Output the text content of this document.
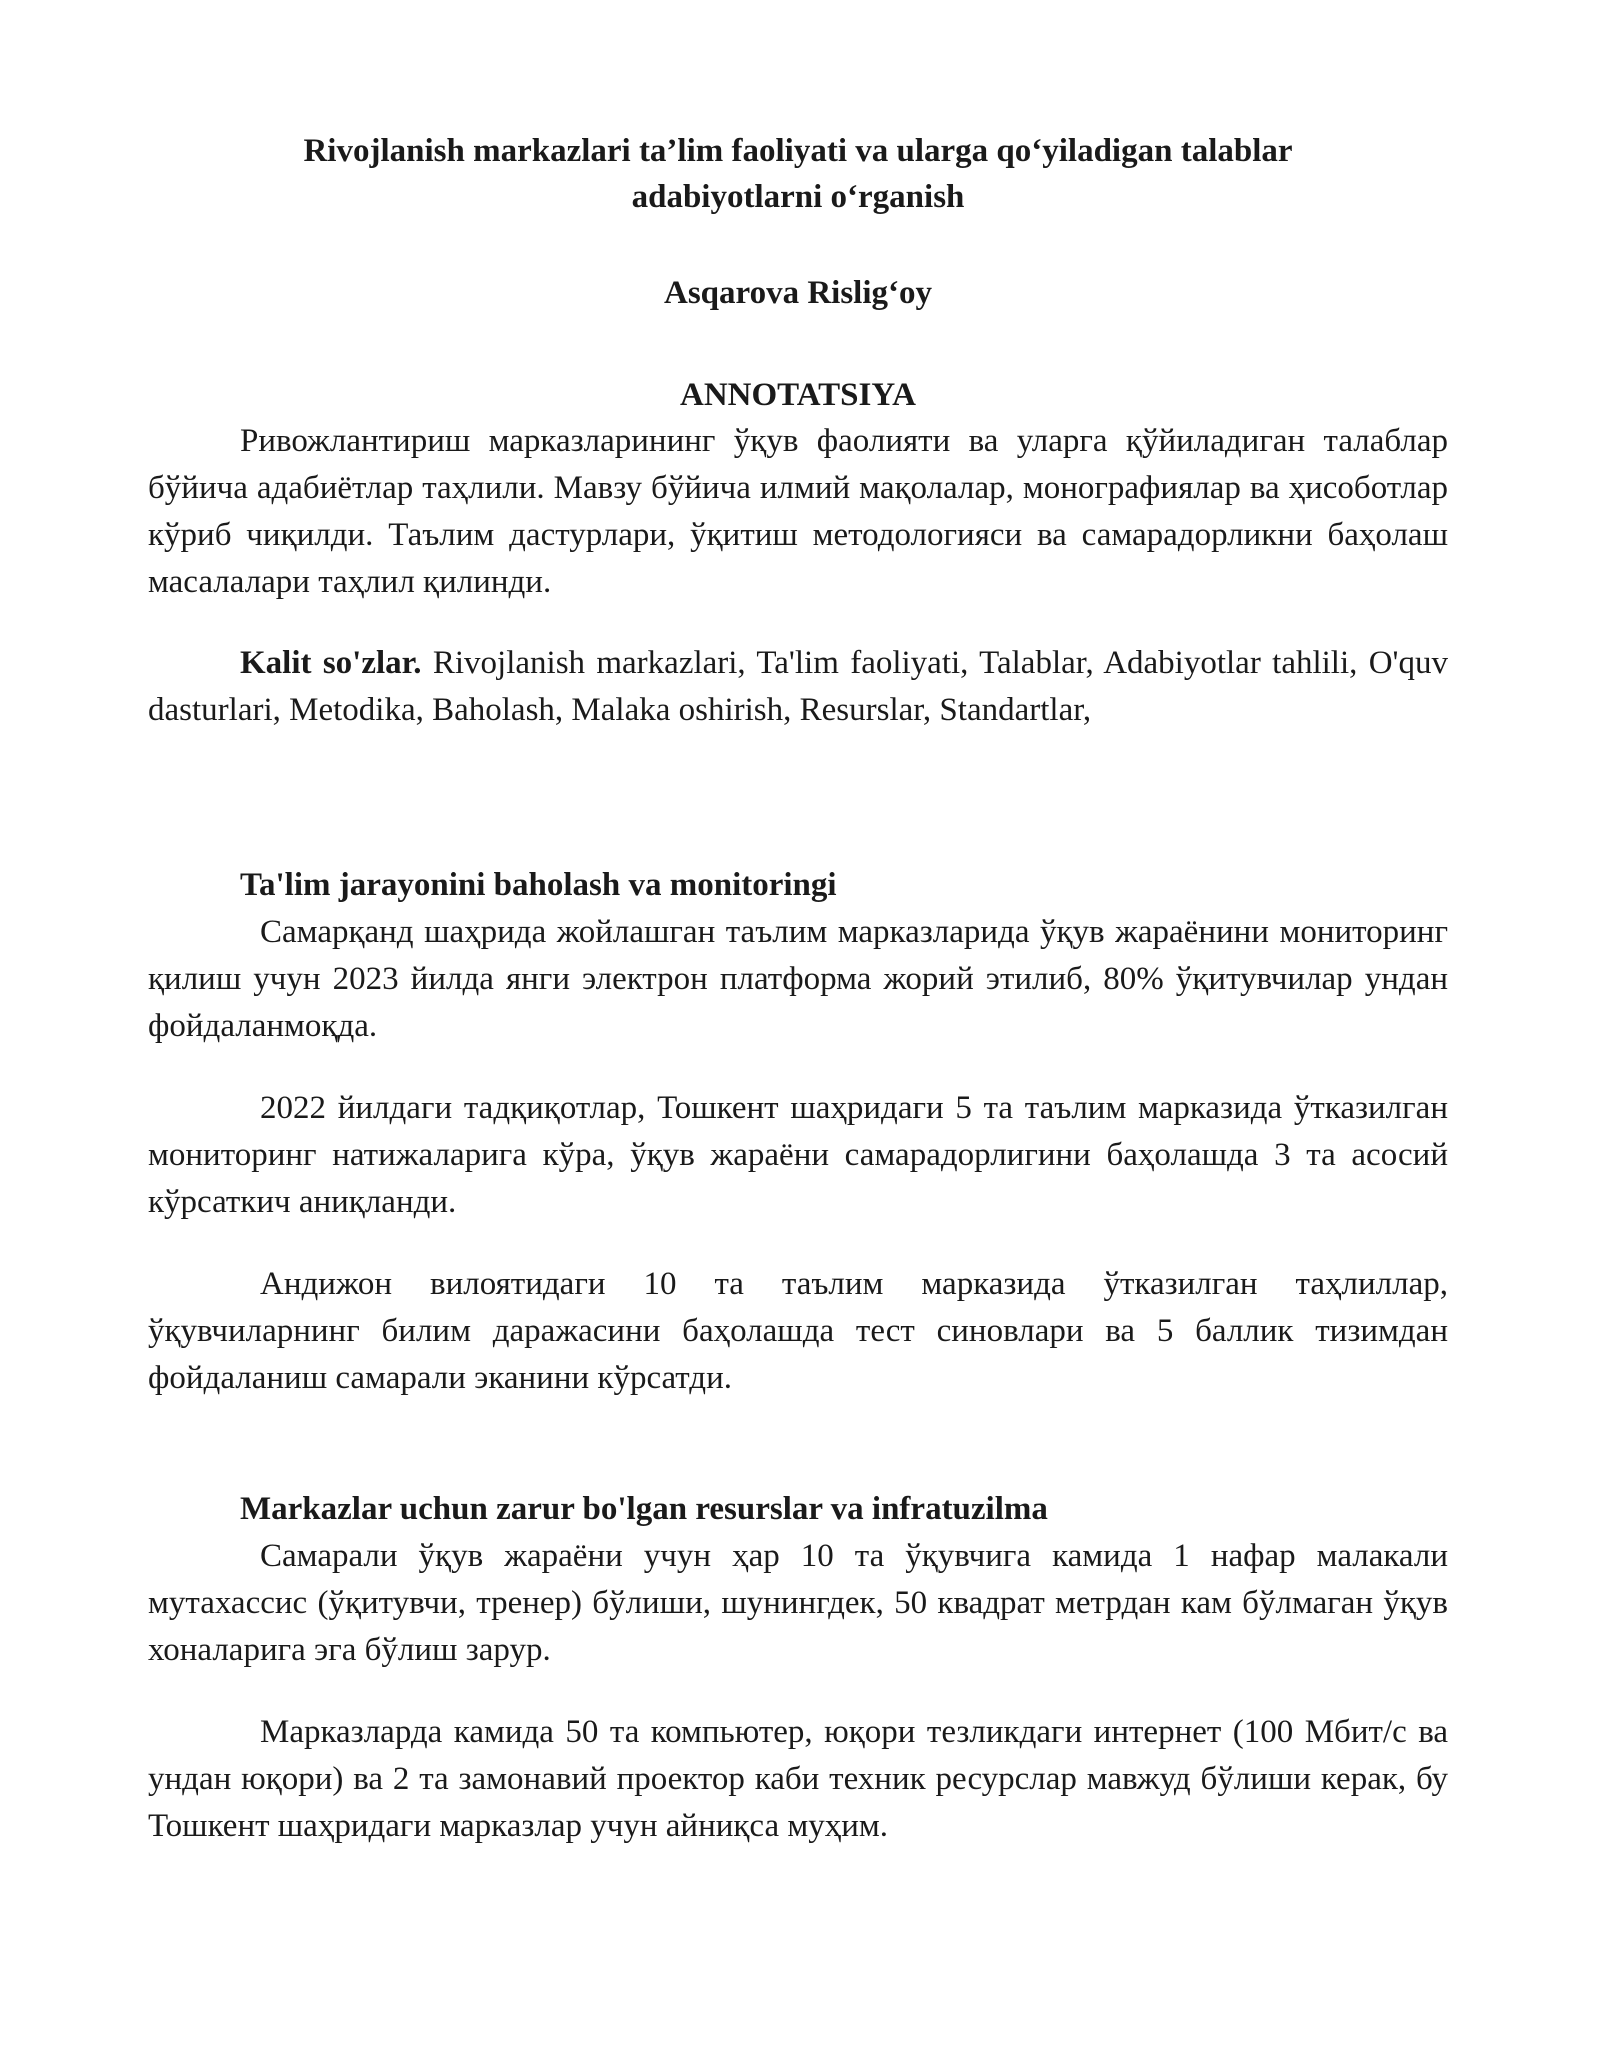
Rivojlanish markazlari ta’lim faoliyati va ularga qo‘yiladigan talablar
adabiyotlarni o‘rganish

Asqarova Rislig‘oy

ANNOTATSIYA

Ривожлантириш марказларининг ўқув фаолияти ва уларга қўйиладиган талаблар бўйича адабиётлар таҳлили. Мавзу бўйича илмий мақолалар, монографиялар ва ҳисоботлар кўриб чиқилди. Таълим дастурлари, ўқитиш методологияси ва самарадорликни баҳолаш масалалари таҳлил қилинди.

Kalit so'zlar. Rivojlanish markazlari, Ta'lim faoliyati, Talablar, Adabiyotlar tahlili, O'quv dasturlari, Metodika, Baholash, Malaka oshirish, Resurslar, Standartlar,

Ta'lim jarayonini baholash va monitoringi

Самарқанд шаҳрида жойлашган таълим марказларида ўқув жараёнини мониторинг қилиш учун 2023 йилда янги электрон платформа жорий этилиб, 80% ўқитувчилар ундан фойдаланмоқда.

2022 йилдаги тадқиқотлар, Тошкент шаҳридаги 5 та таълим марказида ўтказилган мониторинг натижаларига кўра, ўқув жараёни самарадорлигини баҳолашда 3 та асосий кўрсаткич аниқланди.

Андижон вилоятидаги 10 та таълим марказида ўтказилган таҳлиллар, ўқувчиларнинг билим даражасини баҳолашда тест синовлари ва 5 баллик тизимдан фойдаланиш самарали эканини кўрсатди.

Markazlar uchun zarur bo'lgan resurslar va infratuzilma

Самарали ўқув жараёни учун ҳар 10 та ўқувчига камида 1 нафар малакали мутахассис (ўқитувчи, тренер) бўлиши, шунингдек, 50 квадрат метрдан кам бўлмаган ўқув хоналарига эга бўлиш зарур.

Марказларда камида 50 та компьютер, юқори тезликдаги интернет (100 Мбит/с ва ундан юқори) ва 2 та замонавий проектор каби техник ресурслар мавжуд бўлиши керак, бу Тошкент шаҳридаги марказлар учун айниқса муҳим.
